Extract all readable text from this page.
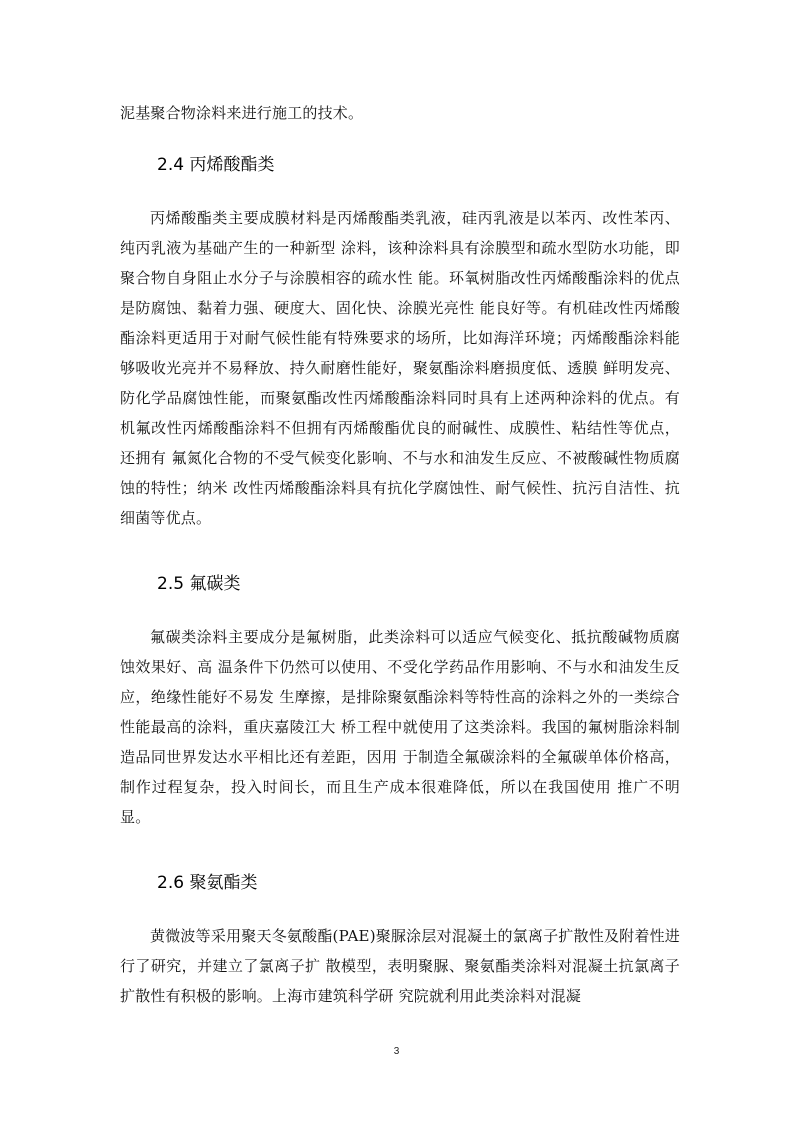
泥基聚合物涂料来进行施工的技术。

2.4 丙烯酸酯类

丙烯酸酯类主要成膜材料是丙烯酸酯类乳液，硅丙乳液是以苯丙、改性苯丙、纯丙乳液为基础产生的一种新型 涂料，该种涂料具有涂膜型和疏水型防水功能，即聚合物自身阻止水分子与涂膜相容的疏水性 能。环氧树脂改性丙烯酸酯涂料的优点是防腐蚀、黏着力强、硬度大、固化快、涂膜光亮性 能良好等。有机硅改性丙烯酸酯涂料更适用于对耐气候性能有特殊要求的场所，比如海洋环境；丙烯酸酯涂料能够吸收光亮并不易释放、持久耐磨性能好，聚氨酯涂料磨损度低、透膜 鲜明发亮、防化学品腐蚀性能，而聚氨酯改性丙烯酸酯涂料同时具有上述两种涂料的优点。有机氟改性丙烯酸酯涂料不但拥有丙烯酸酯优良的耐碱性、成膜性、粘结性等优点，还拥有 氟氮化合物的不受气候变化影响、不与水和油发生反应、不被酸碱性物质腐蚀的特性；纳米 改性丙烯酸酯涂料具有抗化学腐蚀性、耐气候性、抗污自洁性、抗细菌等优点。

2.5 氟碳类

氟碳类涂料主要成分是氟树脂，此类涂料可以适应气候变化、抵抗酸碱物质腐蚀效果好、高 温条件下仍然可以使用、不受化学药品作用影响、不与水和油发生反应，绝缘性能好不易发 生摩擦，是排除聚氨酯涂料等特性高的涂料之外的一类综合性能最高的涂料，重庆嘉陵江大 桥工程中就使用了这类涂料。我国的氟树脂涂料制造品同世界发达水平相比还有差距，因用 于制造全氟碳涂料的全氟碳单体价格高，制作过程复杂，投入时间长，而且生产成本很难降低，所以在我国使用 推广不明显。

2.6 聚氨酯类

黄微波等采用聚天冬氨酸酯(PAE)聚脲涂层对混凝土的氯离子扩散性及附着性进行了研究，并建立了氯离子扩 散模型，表明聚脲、聚氨酯类涂料对混凝土抗氯离子扩散性有积极的影响。上海市建筑科学研 究院就利用此类涂料对混凝

3
